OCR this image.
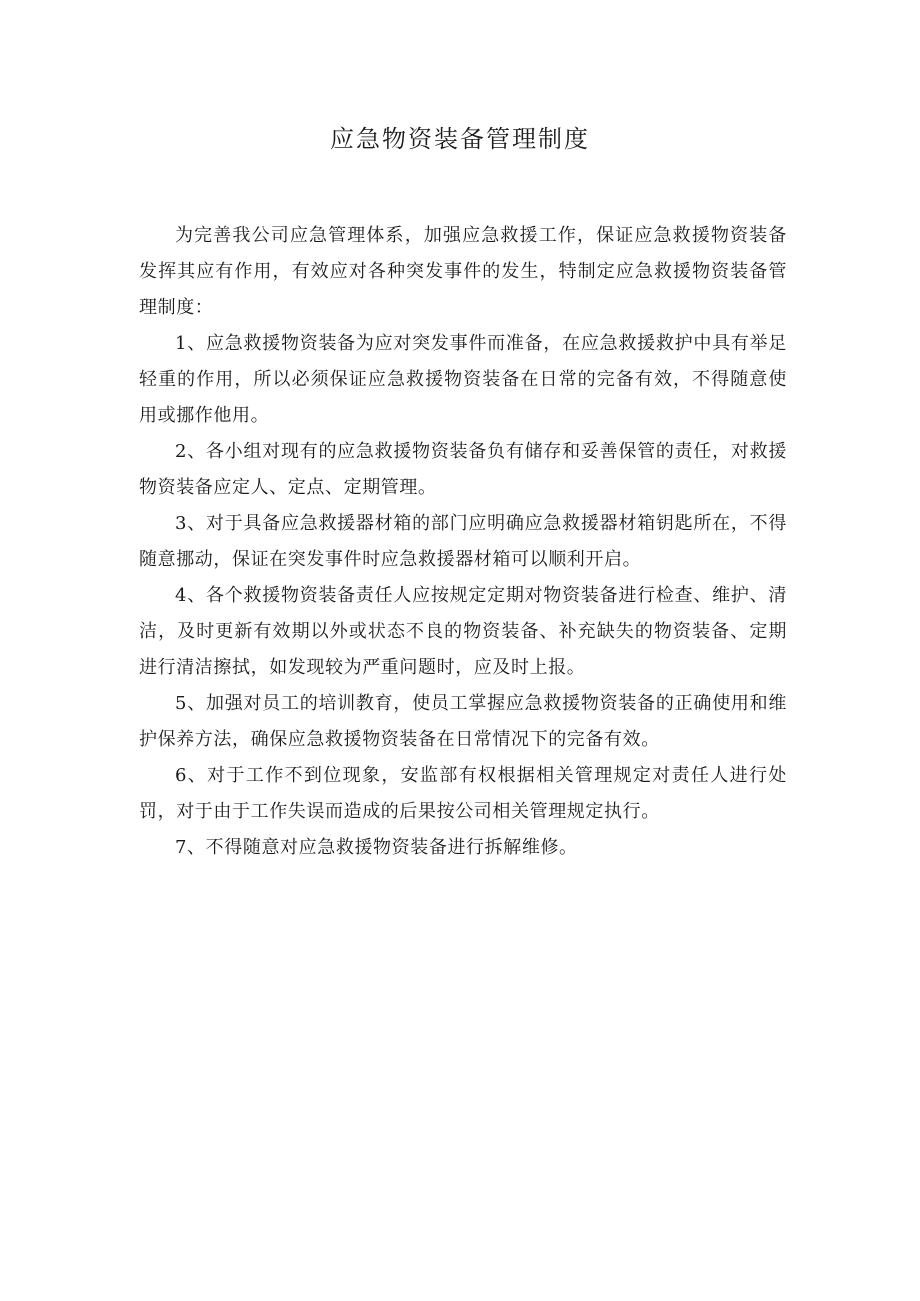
应急物资装备管理制度

为完善我公司应急管理体系，加强应急救援工作，保证应急救援物资装备发挥其应有作用，有效应对各种突发事件的发生，特制定应急救援物资装备管理制度：

1、应急救援物资装备为应对突发事件而准备，在应急救援救护中具有举足轻重的作用，所以必须保证应急救援物资装备在日常的完备有效，不得随意使用或挪作他用。

2、各小组对现有的应急救援物资装备负有储存和妥善保管的责任，对救援物资装备应定人、定点、定期管理。

3、对于具备应急救援器材箱的部门应明确应急救援器材箱钥匙所在，不得随意挪动，保证在突发事件时应急救援器材箱可以顺利开启。

4、各个救援物资装备责任人应按规定定期对物资装备进行检查、维护、清洁，及时更新有效期以外或状态不良的物资装备、补充缺失的物资装备、定期进行清洁擦拭，如发现较为严重问题时，应及时上报。

5、加强对员工的培训教育，使员工掌握应急救援物资装备的正确使用和维护保养方法，确保应急救援物资装备在日常情况下的完备有效。

6、对于工作不到位现象，安监部有权根据相关管理规定对责任人进行处罚，对于由于工作失误而造成的后果按公司相关管理规定执行。

7、不得随意对应急救援物资装备进行拆解维修。
